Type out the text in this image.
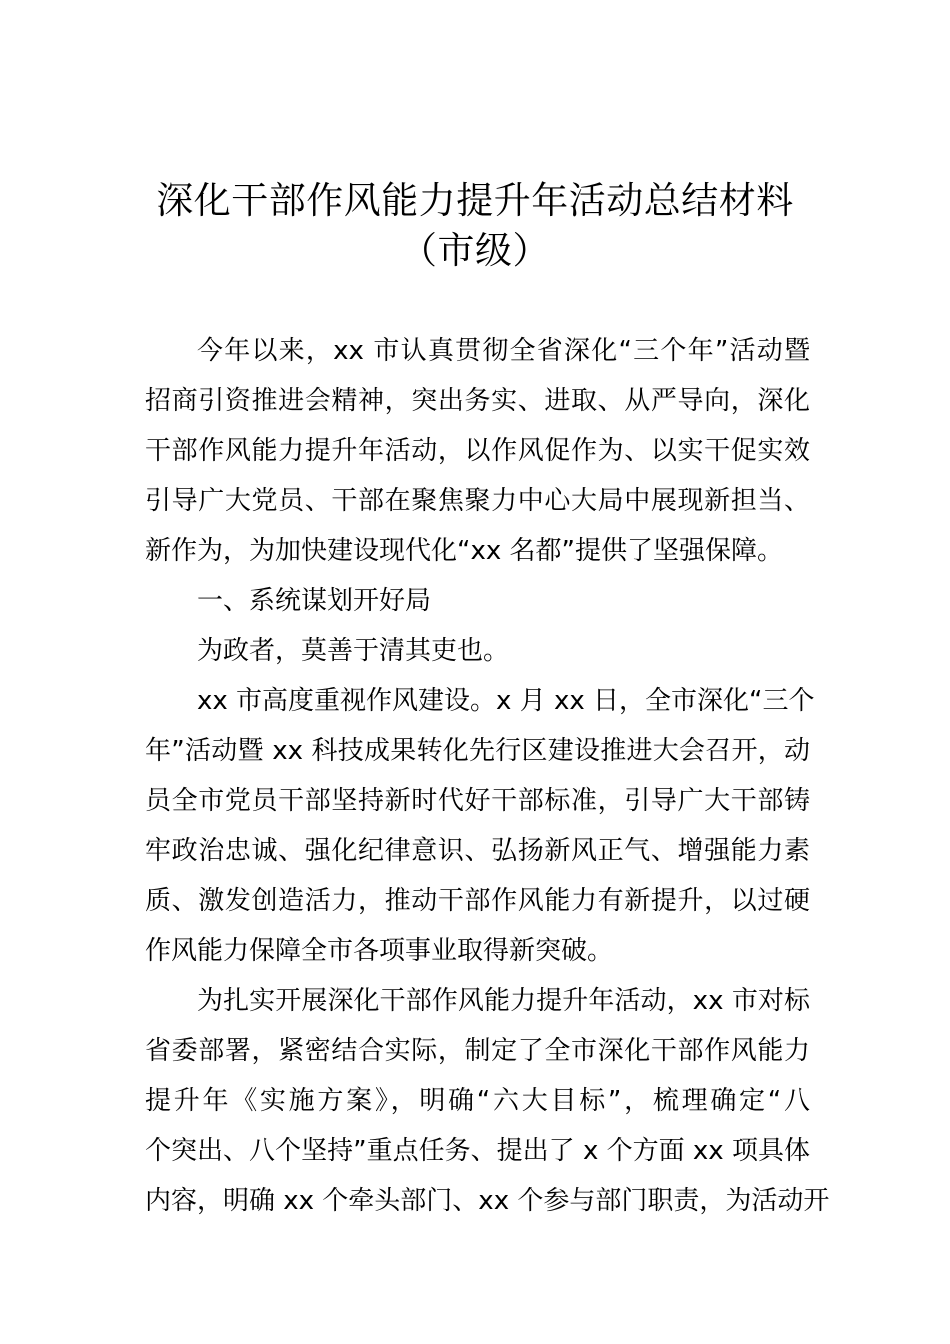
深化干部作风能力提升年活动总结材料
（市级）
今年以来，xx 市认真贯彻全省深化“三个年”活动暨
招商引资推进会精神，突出务实、进取、从严导向，深化
干部作风能力提升年活动，以作风促作为、以实干促实效
引导广大党员、干部在聚焦聚力中心大局中展现新担当、
新作为，为加快建设现代化“xx 名都”提供了坚强保障。
一、系统谋划开好局
为政者，莫善于清其吏也。
xx 市高度重视作风建设。x 月 xx 日，全市深化“三个
年”活动暨 xx 科技成果转化先行区建设推进大会召开，动
员全市党员干部坚持新时代好干部标准，引导广大干部铸
牢政治忠诚、强化纪律意识、弘扬新风正气、增强能力素
质、激发创造活力，推动干部作风能力有新提升，以过硬
作风能力保障全市各项事业取得新突破。
为扎实开展深化干部作风能力提升年活动，xx 市对标
省委部署，紧密结合实际，制定了全市深化干部作风能力
提升年《实施方案》，明确“六大目标”，梳理确定“八
个突出、八个坚持”重点任务、提出了 x 个方面 xx 项具体
内容，明确 xx 个牵头部门、xx 个参与部门职责，为活动开
